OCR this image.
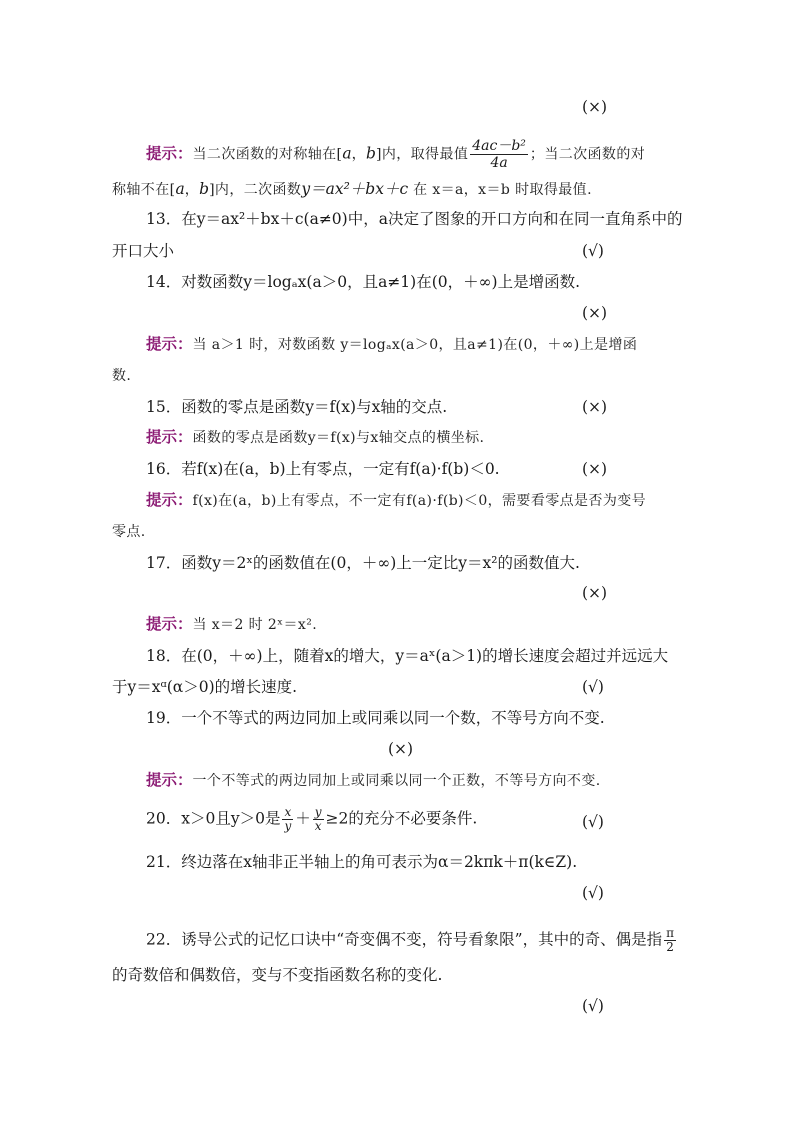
(×)
提示：当二次函数的对称轴在[a，b]内，取得最值 $\frac{\text{4ac－b²}}{4a}$ ；当二次函数的对
称轴不在[a，b]内，二次函数y＝ax²＋bx＋c 在 x＝a，x＝b 时取得最值.
13．在y＝ax²＋bx＋c(a≠0)中，a决定了图象的开口方向和在同一直角系中的
开口大小	(√)
14．对数函数y＝logₐx(a＞0，且a≠1)在(0，＋∞)上是增函数.
(×)
提示：当 a＞1 时，对数函数 y＝logₐx(a＞0，且a≠1)在(0，＋∞)上是增函
数.
15．函数的零点是函数y＝f(x)与x轴的交点.	(×)
提示：函数的零点是函数y＝f(x)与x轴交点的横坐标.
16．若f(x)在(a，b)上有零点，一定有f(a)·f(b)＜0.	(×)
提示：f(x)在(a，b)上有零点，不一定有f(a)·f(b)＜0，需要看零点是否为变号
零点.
17．函数y＝2ˣ的函数值在(0，＋∞)上一定比y＝x²的函数值大.
(×)
提示：当 x＝2 时 2ˣ＝x².
18．在(0，＋∞)上，随着x的增大，y＝aˣ(a＞1)的增长速度会超过并远远大
于y＝xᵅ(α＞0)的增长速度.	(√)
19．一个不等式的两边同加上或同乘以同一个数，不等号方向不变.
(×)
提示：一个不等式的两边同加上或同乘以同一个正数，不等号方向不变.
20．x＞0且y＞0是 $\frac{x}{y} + \frac{y}{x} \ge 2$的充分不必要条件.	(√)
21．终边落在x轴非正半轴上的角可表示为α＝2kπk＋π(k∈Z).
(√)
22．诱导公式的记忆口诀中“奇变偶不变，符号看象限”，其中的奇、偶是指 $\frac{\pi}{2}$
的奇数倍和偶数倍，变与不变指函数名称的变化.
(√)
